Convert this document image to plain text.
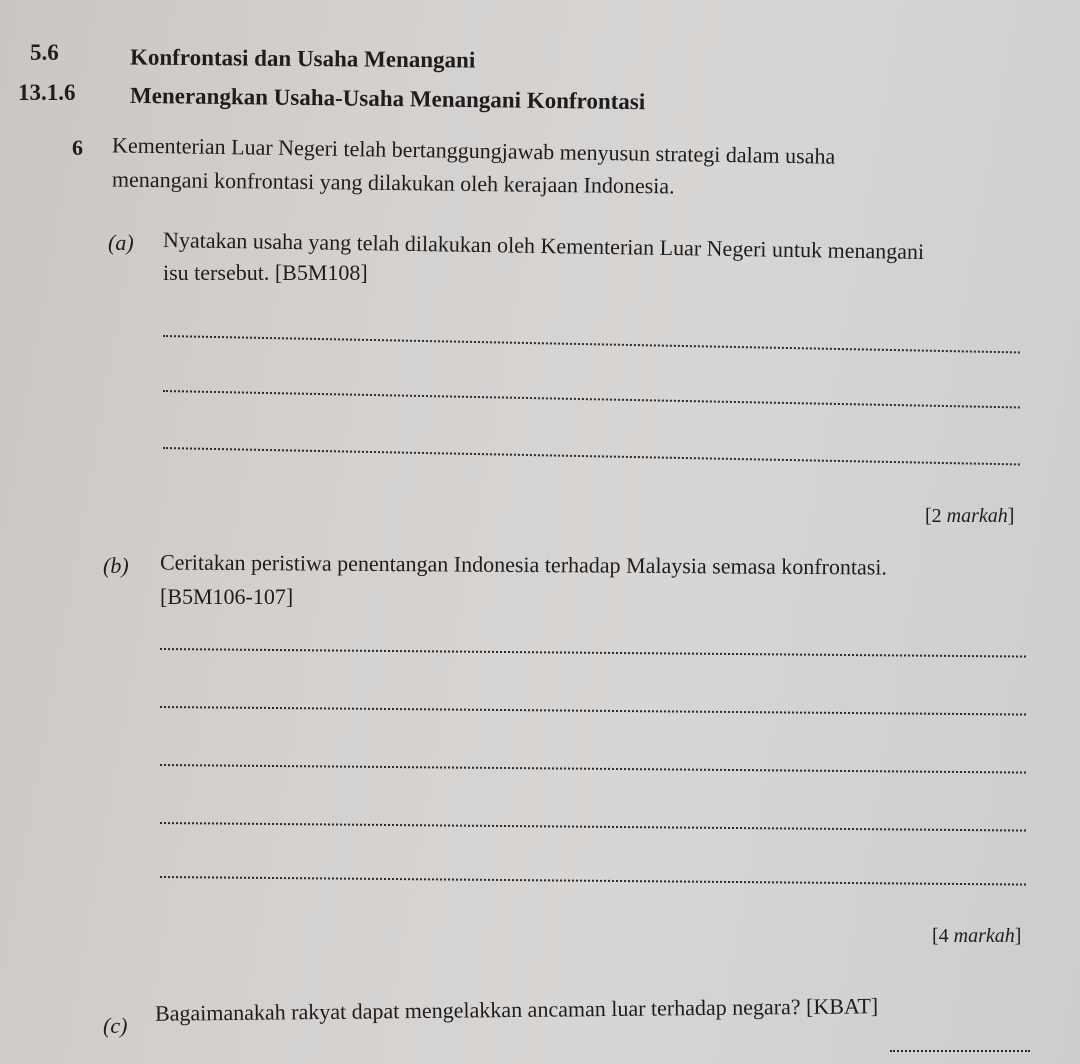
5.6	Konfrontasi dan Usaha Menangani
13.1.6 Menerangkan Usaha-Usaha Menangani Konfrontasi
6 Kementerian Luar Negeri telah bertanggungjawab menyusun strategi dalam usaha
menangani konfrontasi yang dilakukan oleh kerajaan Indonesia.
(a) Nyatakan usaha yang telah dilakukan oleh Kementerian Luar Negeri untuk menangani
isu tersebut. [B5M108]
[2 markah]
(b) Ceritakan peristiwa penentangan Indonesia terhadap Malaysia semasa konfrontasi.
[B5M106-107]
[4 markah]
(c) Bagaimanakah rakyat dapat mengelakkan ancaman luar terhadap negara? [KBAT]
